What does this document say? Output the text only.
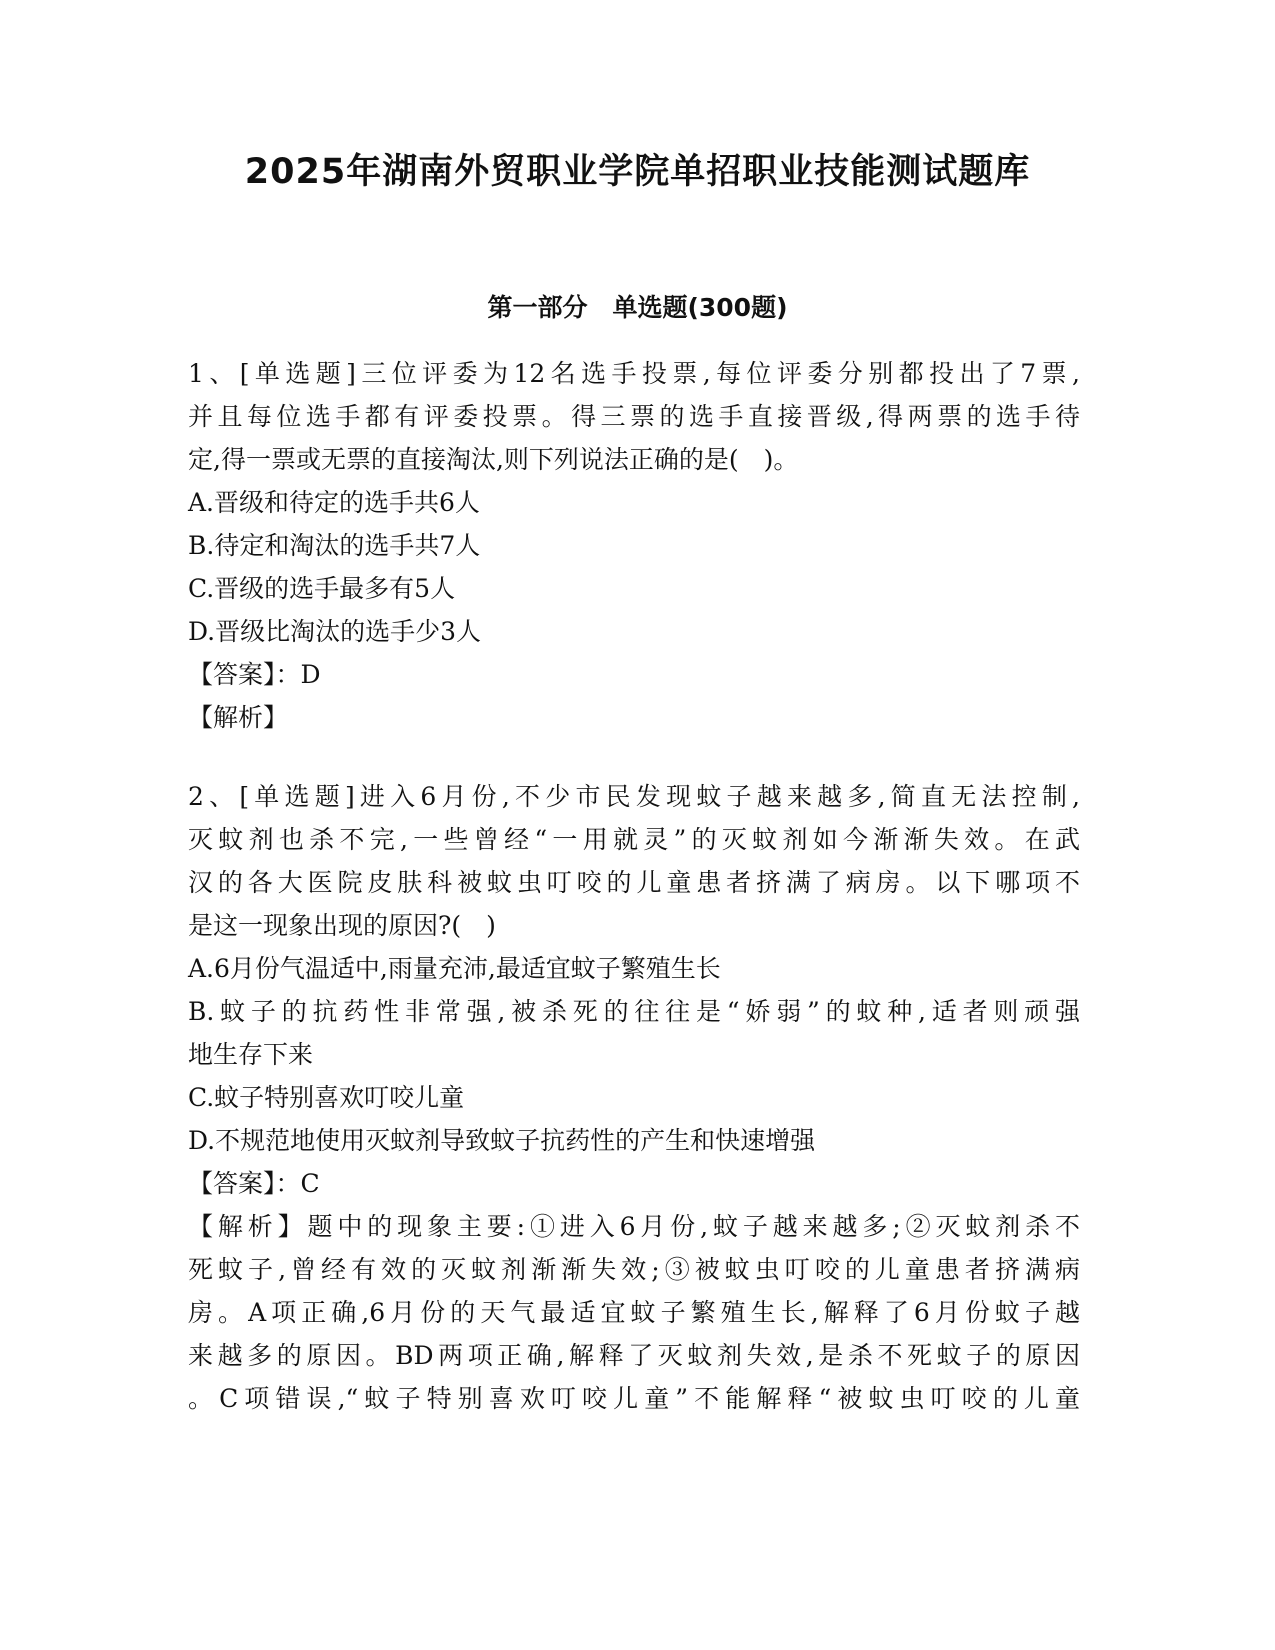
2025年湖南外贸职业学院单招职业技能测试题库
第一部分　单选题(300题)
1、[单选题]三位评委为12名选手投票,每位评委分别都投出了7票,
并且每位选手都有评委投票。得三票的选手直接晋级,得两票的选手待
定,得一票或无票的直接淘汰,则下列说法正确的是(　)。
A.晋级和待定的选手共6人
B.待定和淘汰的选手共7人
C.晋级的选手最多有5人
D.晋级比淘汰的选手少3人
【答案】：D
【解析】
2、[单选题]进入6月份,不少市民发现蚊子越来越多,简直无法控制,
灭蚊剂也杀不完,一些曾经“一用就灵”的灭蚊剂如今渐渐失效。在武
汉的各大医院皮肤科被蚊虫叮咬的儿童患者挤满了病房。以下哪项不
是这一现象出现的原因?(　)
A.6月份气温适中,雨量充沛,最适宜蚊子繁殖生长
B.蚊子的抗药性非常强,被杀死的往往是“娇弱”的蚊种,适者则顽强
地生存下来
C.蚊子特别喜欢叮咬儿童
D.不规范地使用灭蚊剂导致蚊子抗药性的产生和快速增强
【答案】：C
【解析】题中的现象主要:①进入6月份,蚊子越来越多;②灭蚊剂杀不
死蚊子,曾经有效的灭蚊剂渐渐失效;③被蚊虫叮咬的儿童患者挤满病
房。A项正确,6月份的天气最适宜蚊子繁殖生长,解释了6月份蚊子越
来越多的原因。BD两项正确,解释了灭蚊剂失效,是杀不死蚊子的原因
。C项错误,“蚊子特别喜欢叮咬儿童”不能解释“被蚊虫叮咬的儿童
